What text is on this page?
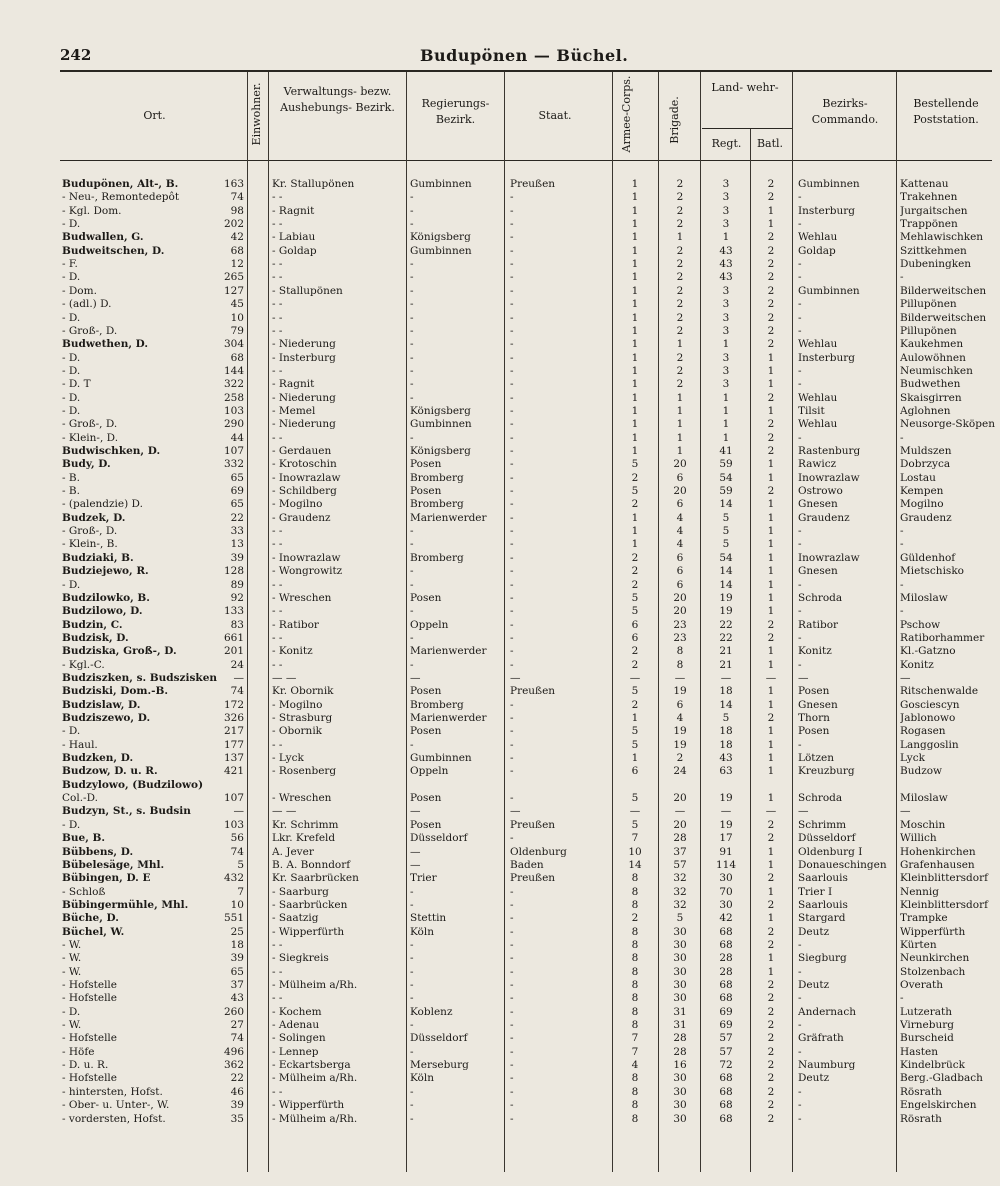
242	Budupönen — Büchel.
Ort.	Einwohner.	Verwaltungs- bezw. Aushebungs- Bezirk.	Regierungs- Bezirk.	Staat.	Armee-Corps.	Brigade.
Land- wehr-
Regt.	Batl.
Bezirks- Commando.
Bestellende Poststation.
Budupönen, Alt-, B.	163	Kr. Stallupönen	Gumbinnen	Preußen	1	2	3	2	Gumbinnen	Kattenau
- Neu-, Remontedepôt	74	- -	-	-	1	2	3	2	-	Trakehnen
- Kgl. Dom.	98	- Ragnit	-	-	1	2	3	1	Insterburg	Jurgaitschen
- D.	202	- -	-	-	1	2	3	1	-	Trappönen
Budwallen, G.	42	- Labiau	Königsberg	-	1	1	1	2	Wehlau	Mehlawischken
Budweitschen, D.	68	- Goldap	Gumbinnen	-	1	2	43	2	Goldap	Szittkehmen
- F.	12	- -	-	-	1	2	43	2	-	Dubeningken
- D.	265	- -	-	-	1	2	43	2	-	-
- Dom.	127	- Stallupönen	-	-	1	2	3	2	Gumbinnen	Bilderweitschen
- (adl.) D.	45	- -	-	-	1	2	3	2	-	Pillupönen
- D.	10	- -	-	-	1	2	3	2	-	Bilderweitschen
- Groß-, D.	79	- -	-	-	1	2	3	2	-	Pillupönen
Budwethen, D.	304	- Niederung	-	-	1	1	1	2	Wehlau	Kaukehmen
- D.	68	- Insterburg	-	-	1	2	3	1	Insterburg	Aulowöhnen
- D.	144	- -	-	-	1	2	3	1	-	Neumischken
- D. T	322	- Ragnit	-	-	1	2	3	1	-	Budwethen
- D.	258	- Niederung	-	-	1	1	1	2	Wehlau	Skaisgirren
- D.	103	- Memel	Königsberg	-	1	1	1	1	Tilsit	Aglohnen
- Groß-, D.	290	- Niederung	Gumbinnen	-	1	1	1	2	Wehlau	Neusorge-Sköpen
- Klein-, D.	44	- -	-	-	1	1	1	2	-	-
Budwischken, D.	107	- Gerdauen	Königsberg	-	1	1	41	2	Rastenburg	Muldszen
Budy, D.	332	- Krotoschin	Posen	-	5	20	59	1	Rawicz	Dobrzyca
- B.	65	- Inowrazlaw	Bromberg	-	2	6	54	1	Inowrazlaw	Lostau
- B.	69	- Schildberg	Posen	-	5	20	59	2	Ostrowo	Kempen
- (palendzie) D.	65	- Mogilno	Bromberg	-	2	6	14	1	Gnesen	Mogilno
Budzek, D.	22	- Graudenz	Marienwerder	-	1	4	5	1	Graudenz	Graudenz
- Groß-, D.	33	- -	-	-	1	4	5	1	-	-
- Klein-, B.	13	- -	-	-	1	4	5	1	-	-
Budziaki, B.	39	- Inowrazlaw	Bromberg	-	2	6	54	1	Inowrazlaw	Güldenhof
Budziejewo, R.	128	- Wongrowitz	-	-	2	6	14	1	Gnesen	Mietschisko
- D.	89	- -	-	-	2	6	14	1	-	-
Budzilowko, B.	92	- Wreschen	Posen	-	5	20	19	1	Schroda	Miloslaw
Budzilowo, D.	133	- -	-	-	5	20	19	1	-	-
Budzin, C.	83	- Ratibor	Oppeln	-	6	23	22	2	Ratibor	Pschow
Budzisk, D.	661	- -	-	-	6	23	22	2	-	Ratiborhammer
Budziska, Groß-, D.	201	- Konitz	Marienwerder	-	2	8	21	1	Konitz	Kl.-Gatzno
- Kgl.-C.	24	- -	-	-	2	8	21	1	-	Konitz
Budziszken, s. Budszisken	—	— —	—	—	—	—	—	—	—	—
Budziski, Dom.-B.	74	Kr. Obornik	Posen	Preußen	5	19	18	1	Posen	Ritschenwalde
Budzislaw, D.	172	- Mogilno	Bromberg	-	2	6	14	1	Gnesen	Gosciescyn
Budziszewo, D.	326	- Strasburg	Marienwerder	-	1	4	5	2	Thorn	Jablonowo
- D.	217	- Obornik	Posen	-	5	19	18	1	Posen	Rogasen
- Haul.	177	- -	-	-	5	19	18	1	-	Langgoslin
Budzken, D.	137	- Lyck	Gumbinnen	-	1	2	43	1	Lötzen	Lyck
Budzow, D. u. R.	421	- Rosenberg	Oppeln	-	6	24	63	1	Kreuzburg	Budzow
Budzylowo, (Budzilowo)
Col.-D.	107	- Wreschen	Posen	-	5	20	19	1	Schroda	Miloslaw
Budzyn, St., s. Budsin	—	— —	—	—	—	—	—	—	—	—
- D.	103	Kr. Schrimm	Posen	Preußen	5	20	19	2	Schrimm	Moschin
Bue, B.	56	Lkr. Krefeld	Düsseldorf	-	7	28	17	2	Düsseldorf	Willich
Bübbens, D.	74	A. Jever	—	Oldenburg	10	37	91	1	Oldenburg I	Hohenkirchen
Bübelesäge, Mhl.	5	B. A. Bonndorf	—	Baden	14	57	114	1	Donaueschingen	Grafenhausen
Bübingen, D. E	432	Kr. Saarbrücken	Trier	Preußen	8	32	30	2	Saarlouis	Kleinblittersdorf
- Schloß	7	- Saarburg	-	-	8	32	70	1	Trier I	Nennig
Bübingermühle, Mhl.	10	- Saarbrücken	-	-	8	32	30	2	Saarlouis	Kleinblittersdorf
Büche, D.	551	- Saatzig	Stettin	-	2	5	42	1	Stargard	Trampke
Büchel, W.	25	- Wipperfürth	Köln	-	8	30	68	2	Deutz	Wipperfürth
- W.	18	- -	-	-	8	30	68	2	-	Kürten
- W.	39	- Siegkreis	-	-	8	30	28	1	Siegburg	Neunkirchen
- W.	65	- -	-	-	8	30	28	1	-	Stolzenbach
- Hofstelle	37	- Mülheim a/Rh.	-	-	8	30	68	2	Deutz	Overath
- Hofstelle	43	- -	-	-	8	30	68	2	-	-
- D.	260	- Kochem	Koblenz	-	8	31	69	2	Andernach	Lutzerath
- W.	27	- Adenau	-	-	8	31	69	2	-	Virneburg
- Hofstelle	74	- Solingen	Düsseldorf	-	7	28	57	2	Gräfrath	Burscheid
- Höfe	496	- Lennep	-	-	7	28	57	2	-	Hasten
- D. u. R.	362	- Eckartsberga	Merseburg	-	4	16	72	2	Naumburg	Kindelbrück
- Hofstelle	22	- Mülheim a/Rh.	Köln	-	8	30	68	2	Deutz	Berg.-Gladbach
- hintersten, Hofst.	46	- -	-	-	8	30	68	2	-	Rösrath
- Ober- u. Unter-, W.	39	- Wipperfürth	-	-	8	30	68	2	-	Engelskirchen
- vordersten, Hofst.	35	- Mülheim a/Rh.	-	-	8	30	68	2	-	Rösrath
